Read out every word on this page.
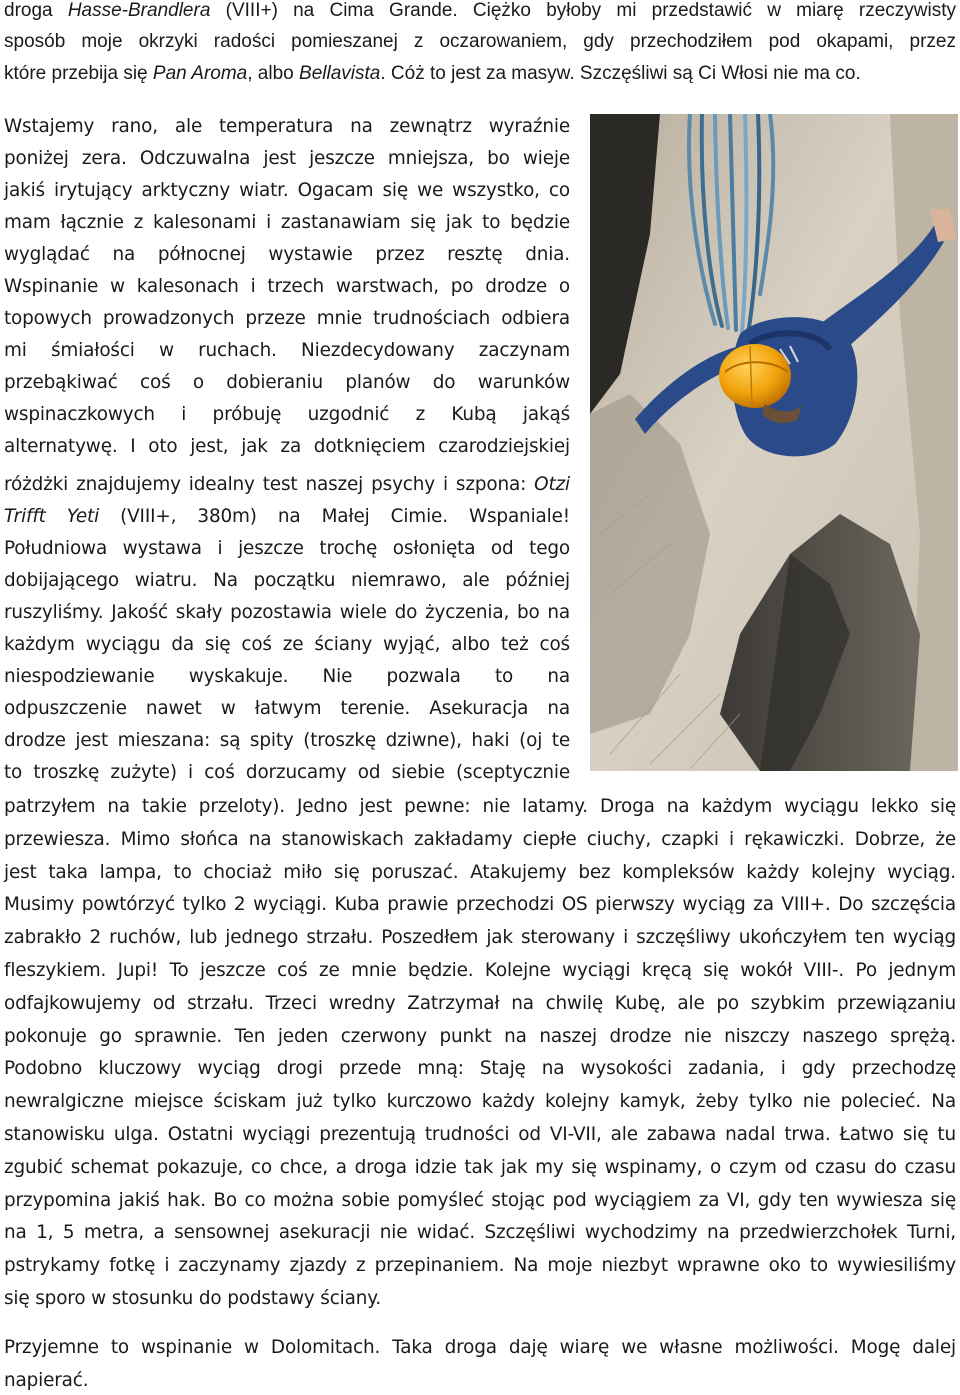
droga Hasse-Brandlera (VIII+) na Cima Grande. Ciężko byłoby mi przedstawić w miarę rzeczywisty
sposób moje okrzyki radości pomieszanej z oczarowaniem, gdy przechodziłem pod okapami, przez
które przebija się Pan Aroma, albo Bellavista. Cóż to jest za masyw. Szczęśliwi są Ci Włosi nie ma co.
Wstajemy rano, ale temperatura na zewnątrz wyraźnie
poniżej zera. Odczuwalna jest jeszcze mniejsza, bo wieje
jakiś irytujący arktyczny wiatr. Ogacam się we wszystko, co
mam łącznie z kalesonami i zastanawiam się jak to będzie
wyglądać na północnej wystawie przez resztę dnia.
Wspinanie w kalesonach i trzech warstwach, po drodze o
topowych prowadzonych przeze mnie trudnościach odbiera
mi śmiałości w ruchach. Niezdecydowany zaczynam
przebąkiwać coś o dobieraniu planów do warunków
wspinaczkowych i próbuję uzgodnić z Kubą jakąś
alternatywę. I oto jest, jak za dotknięciem czarodziejskiej
różdżki znajdujemy idealny test naszej psychy i szpona: Otzi
Trifft Yeti (VIII+, 380m) na Małej Cimie. Wspaniale!
Południowa wystawa i jeszcze trochę osłonięta od tego
dobijającego wiatru. Na początku niemrawo, ale później
ruszyliśmy. Jakość skały pozostawia wiele do życzenia, bo na
każdym wyciągu da się coś ze ściany wyjąć, albo też coś
niespodziewanie wyskakuje. Nie pozwala to na
odpuszczenie nawet w łatwym terenie. Asekuracja na
drodze jest mieszana: są spity (troszkę dziwne), haki (oj te
to troszkę zużyte) i coś dorzucamy od siebie (sceptycznie
patrzyłem na takie przeloty). Jedno jest pewne: nie latamy. Droga na każdym wyciągu lekko się
przewiesza. Mimo słońca na stanowiskach zakładamy ciepłe ciuchy, czapki i rękawiczki. Dobrze, że
jest taka lampa, to chociaż miło się poruszać. Atakujemy bez kompleksów każdy kolejny wyciąg.
Musimy powtórzyć tylko 2 wyciągi. Kuba prawie przechodzi OS pierwszy wyciąg za VIII+. Do szczęścia
zabrakło 2 ruchów, lub jednego strzału. Poszedłem jak sterowany i szczęśliwy ukończyłem ten wyciąg
fleszykiem. Jupi! To jeszcze coś ze mnie będzie. Kolejne wyciągi kręcą się wokół VIII-. Po jednym
odfajkowujemy od strzału. Trzeci wredny Zatrzymał na chwilę Kubę, ale po szybkim przewiązaniu
pokonuje go sprawnie. Ten jeden czerwony punkt na naszej drodze nie niszczy naszego sprężą.
Podobno kluczowy wyciąg drogi przede mną: Staję na wysokości zadania, i gdy przechodzę
newralgiczne miejsce ściskam już tylko kurczowo każdy kolejny kamyk, żeby tylko nie polecieć. Na
stanowisku ulga. Ostatni wyciągi prezentują trudności od VI-VII, ale zabawa nadal trwa. Łatwo się tu
zgubić schemat pokazuje, co chce, a droga idzie tak jak my się wspinamy, o czym od czasu do czasu
przypomina jakiś hak. Bo co można sobie pomyśleć stojąc pod wyciągiem za VI, gdy ten wywiesza się
na 1, 5 metra, a sensownej asekuracji nie widać. Szczęśliwi wychodzimy na przedwierzchołek Turni,
pstrykamy fotkę i zaczynamy zjazdy z przepinaniem. Na moje niezbyt wprawne oko to wywiesiliśmy
się sporo w stosunku do podstawy ściany.
Przyjemne to wspinanie w Dolomitach. Taka droga daję wiarę we własne możliwości. Mogę dalej
napierać.
